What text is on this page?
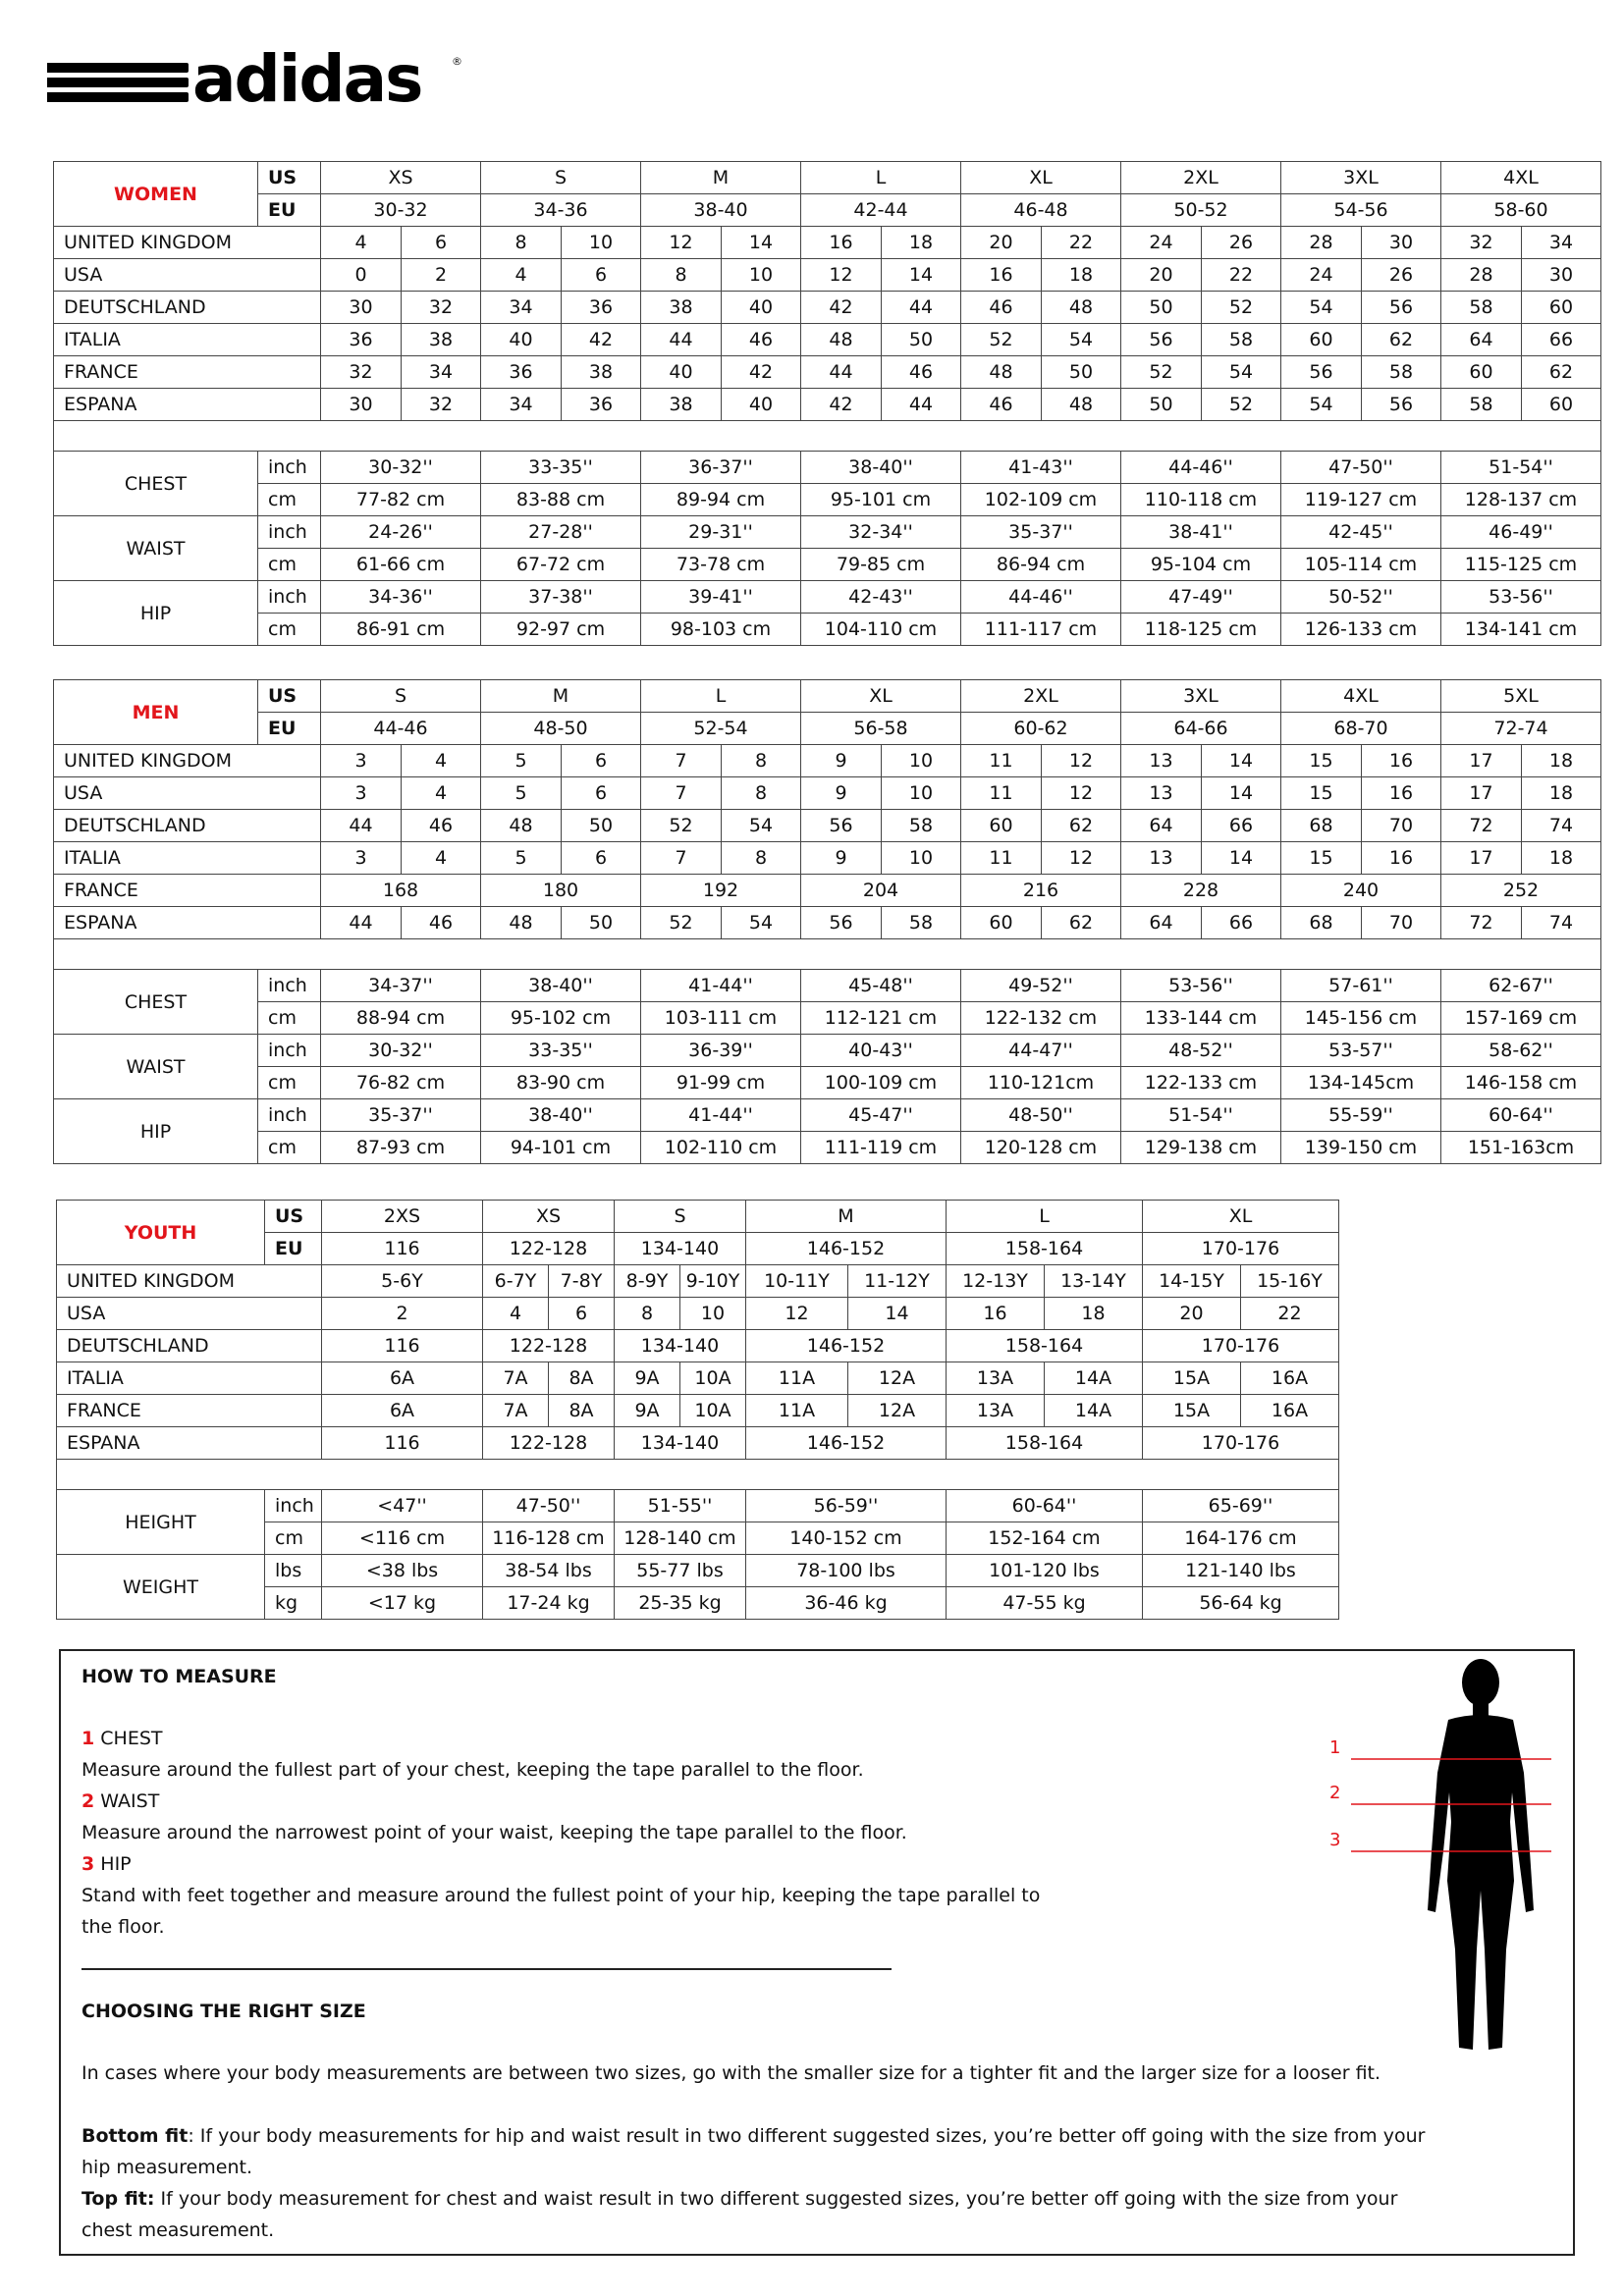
adidas	®
WOMEN	US	XS		S		M		L		XL		2XL		3XL		4XL	
	EU	30-32		34-36		38-40		42-44		46-48		50-52		54-56		58-60	
UNITED KINGDOM		4	6	8	10	12	14	16	18	20	22	24	26	28	30	32	34
USA		0	2	4	6	8	10	12	14	16	18	20	22	24	26	28	30
DEUTSCHLAND		30	32	34	36	38	40	42	44	46	48	50	52	54	56	58	60
ITALIA		36	38	40	42	44	46	48	50	52	54	56	58	60	62	64	66
FRANCE		32	34	36	38	40	42	44	46	48	50	52	54	56	58	60	62
ESPANA		30	32	34	36	38	40	42	44	46	48	50	52	54	56	58	60

CHEST	inch	30-32''		33-35''		36-37''		38-40''		41-43''		44-46''		47-50''		51-54''	
	cm	77-82 cm		83-88 cm		89-94 cm		95-101 cm		102-109 cm		110-118 cm		119-127 cm		128-137 cm	
WAIST	inch	24-26''		27-28''		29-31''		32-34''		35-37''		38-41''		42-45''		46-49''	
	cm	61-66 cm		67-72 cm		73-78 cm		79-85 cm		86-94 cm		95-104 cm		105-114 cm		115-125 cm	
HIP	inch	34-36''		37-38''		39-41''		42-43''		44-46''		47-49''		50-52''		53-56''	
	cm	86-91 cm		92-97 cm		98-103 cm		104-110 cm		111-117 cm		118-125 cm		126-133 cm		134-141 cm	
MEN	US	S		M		L		XL		2XL		3XL		4XL		5XL	
	EU	44-46		48-50		52-54		56-58		60-62		64-66		68-70		72-74	
UNITED KINGDOM		3	4	5	6	7	8	9	10	11	12	13	14	15	16	17	18
USA		3	4	5	6	7	8	9	10	11	12	13	14	15	16	17	18
DEUTSCHLAND		44	46	48	50	52	54	56	58	60	62	64	66	68	70	72	74
ITALIA		3	4	5	6	7	8	9	10	11	12	13	14	15	16	17	18
FRANCE		168		180		192		204		216		228		240		252	
ESPANA		44	46	48	50	52	54	56	58	60	62	64	66	68	70	72	74

CHEST	inch	34-37''		38-40''		41-44''		45-48''		49-52''		53-56''		57-61''		62-67''	
	cm	88-94 cm		95-102 cm		103-111 cm		112-121 cm		122-132 cm		133-144 cm		145-156 cm		157-169 cm	
WAIST	inch	30-32''		33-35''		36-39''		40-43''		44-47''		48-52''		53-57''		58-62''	
	cm	76-82 cm		83-90 cm		91-99 cm		100-109 cm		110-121cm		122-133 cm		134-145cm		146-158 cm	
HIP	inch	35-37''		38-40''		41-44''		45-47''		48-50''		51-54''		55-59''		60-64''	
	cm	87-93 cm		94-101 cm		102-110 cm		111-119 cm		120-128 cm		129-138 cm		139-150 cm		151-163cm	
YOUTH	US	2XS	XS		S		M		L		XL	
	EU	116	122-128		134-140		146-152		158-164		170-176	
UNITED KINGDOM		5-6Y	6-7Y	7-8Y	8-9Y	9-10Y	10-11Y	11-12Y	12-13Y	13-14Y	14-15Y	15-16Y
USA		2	4	6	8	10	12	14	16	18	20	22
DEUTSCHLAND		116	122-128		134-140		146-152		158-164		170-176	
ITALIA		6A	7A	8A	9A	10A	11A	12A	13A	14A	15A	16A
FRANCE		6A	7A	8A	9A	10A	11A	12A	13A	14A	15A	16A
ESPANA		116	122-128		134-140		146-152		158-164		170-176	

HEIGHT	inch	<47''	47-50''		51-55''		56-59''		60-64''		65-69''	
	cm	<116 cm	116-128 cm		128-140 cm		140-152 cm		152-164 cm		164-176 cm	
WEIGHT	lbs	<38 lbs	38-54 lbs		55-77 lbs		78-100 lbs		101-120 lbs		121-140 lbs	
	kg	<17 kg	17-24 kg		25-35 kg		36-46 kg		47-55 kg		56-64 kg	
HOW TO MEASURE
1 CHEST
Measure around the fullest part of your chest, keeping the tape parallel to the floor.
2 WAIST
Measure around the narrowest point of your waist, keeping the tape parallel to the floor.
3 HIP
Stand with feet together and measure around the fullest point of your hip, keeping the tape parallel to
the floor.
CHOOSING THE RIGHT SIZE
In cases where your body measurements are between two sizes, go with the smaller size for a tighter fit and the larger size for a looser fit.
Bottom fit: If your body measurements for hip and waist result in two different suggested sizes, you’re better off going with the size from your
hip measurement.
Top fit: If your body measurement for chest and waist result in two different suggested sizes, you’re better off going with the size from your
chest measurement.
1
2
3
